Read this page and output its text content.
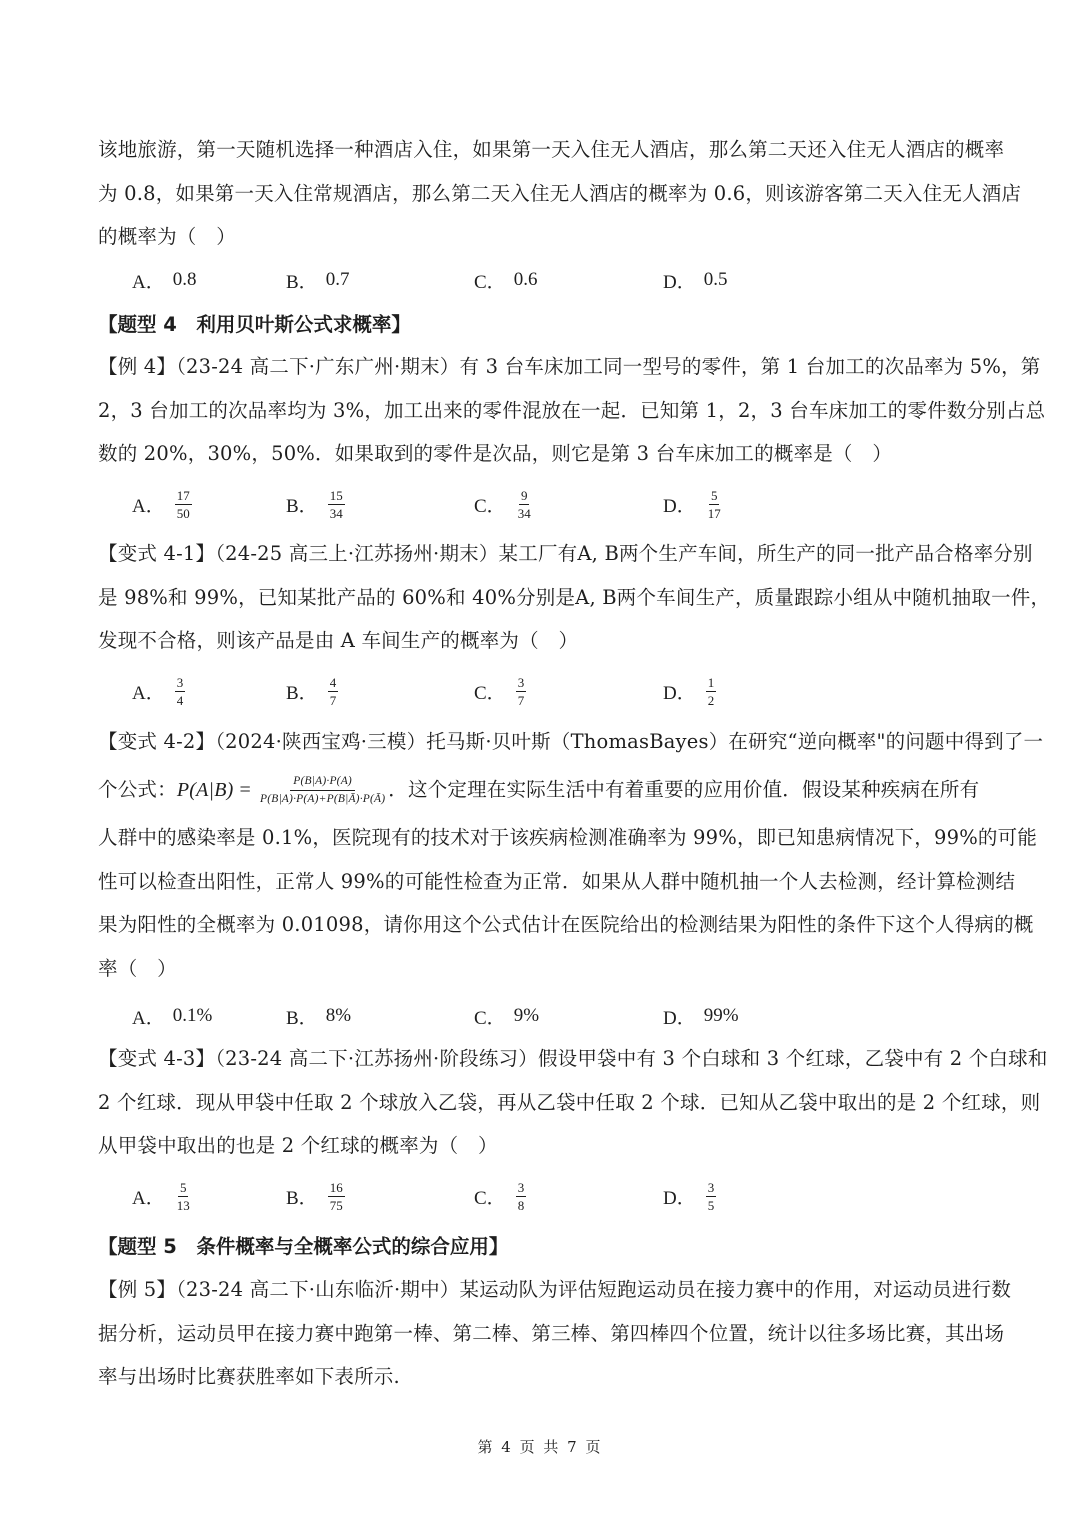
该地旅游，第一天随机选择一种酒店入住，如果第一天入住无人酒店，那么第二天还入住无人酒店的概率
为 0.8，如果第一天入住常规酒店，那么第二天入住无人酒店的概率为 0.6，则该游客第二天入住无人酒店
的概率为（　）
A． 0.8	B． 0.7	C． 0.6	D． 0.5
【题型 4　利用贝叶斯公式求概率】
【例 4】（23-24 高二下·广东广州·期末）有 3 台车床加工同一型号的零件，第 1 台加工的次品率为 5%，第
2，3 台加工的次品率均为 3%，加工出来的零件混放在一起．已知第 1，2，3 台车床加工的零件数分别占总
数的 20%，30%，50%．如果取到的零件是次品，则它是第 3 台车床加工的概率是（　）
A． $\frac{17}{50}$	B． $\frac{15}{34}$	C． $\frac{9}{34}$	D． $\frac{5}{17}$
【变式 4-1】（24-25 高三上·江苏扬州·期末）某工厂有A, B两个生产车间，所生产的同一批产品合格率分别
是 98%和 99%，已知某批产品的 60%和 40%分别是A, B两个车间生产，质量跟踪小组从中随机抽取一件，
发现不合格，则该产品是由 A 车间生产的概率为（　）
A． $\frac{3}{4}$	B． $\frac{4}{7}$	C． $\frac{3}{7}$	D． $\frac{1}{2}$
【变式 4-2】（2024·陕西宝鸡·三模）托马斯·贝叶斯（ThomasBayes）在研究“逆向概率"的问题中得到了一
个公式： $P(A|B) = \frac{P(B|A)\cdot P(A)}{P(B|A)\cdot P(A)+P(B|Ā)\cdot P(Ā)}$ ．这个定理在实际生活中有着重要的应用价值．假设某种疾病在所有
人群中的感染率是 0.1%，医院现有的技术对于该疾病检测准确率为 99%，即已知患病情况下，99%的可能
性可以检查出阳性，正常人 99%的可能性检查为正常．如果从人群中随机抽一个人去检测，经计算检测结
果为阳性的全概率为 0.01098，请你用这个公式估计在医院给出的检测结果为阳性的条件下这个人得病的概
率（　）
A． 0.1%	B． 8%	C． 9%	D． 99%
【变式 4-3】（23-24 高二下·江苏扬州·阶段练习）假设甲袋中有 3 个白球和 3 个红球，乙袋中有 2 个白球和
2 个红球．现从甲袋中任取 2 个球放入乙袋，再从乙袋中任取 2 个球．已知从乙袋中取出的是 2 个红球，则
从甲袋中取出的也是 2 个红球的概率为（　）
A． $\frac{5}{13}$	B． $\frac{16}{75}$	C． $\frac{3}{8}$	D． $\frac{3}{5}$
【题型 5　条件概率与全概率公式的综合应用】
【例 5】（23-24 高二下·山东临沂·期中）某运动队为评估短跑运动员在接力赛中的作用，对运动员进行数
据分析，运动员甲在接力赛中跑第一棒、第二棒、第三棒、第四棒四个位置，统计以往多场比赛，其出场
率与出场时比赛获胜率如下表所示.
第 4 页 共 7 页
